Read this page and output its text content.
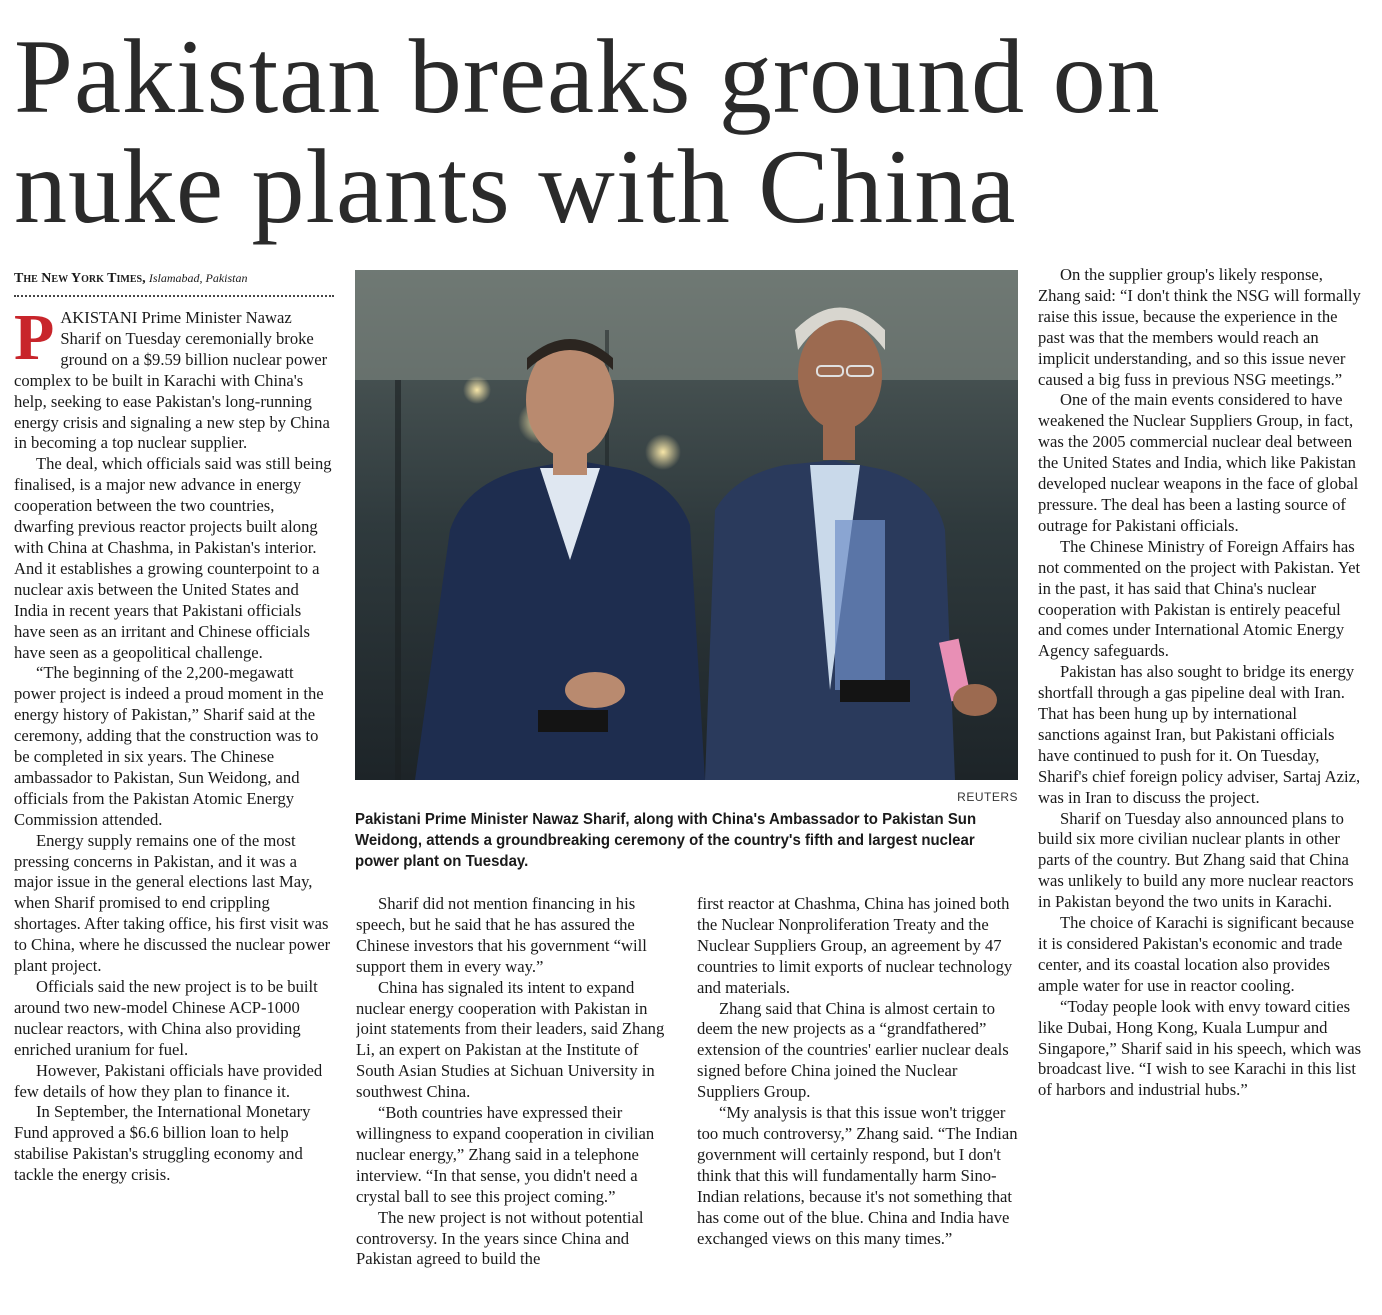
Pakistan breaks ground on nuke plants with China
The New York Times, Islamabad, Pakistan

PAKISTANI Prime Minister Nawaz Sharif on Tuesday ceremonially broke ground on a $9.59 billion nuclear power complex to be built in Karachi with China's help, seeking to ease Pakistan's long-running energy crisis and signaling a new step by China in becoming a top nuclear supplier.

The deal, which officials said was still being finalised, is a major new advance in energy cooperation between the two countries, dwarfing previous reactor projects built along with China at Chashma, in Pakistan's interior. And it establishes a growing counterpoint to a nuclear axis between the United States and India in recent years that Pakistani officials have seen as an irritant and Chinese officials have seen as a geopolitical challenge.

“The beginning of the 2,200-megawatt power project is indeed a proud moment in the energy history of Pakistan,” Sharif said at the ceremony, adding that the construction was to be completed in six years. The Chinese ambassador to Pakistan, Sun Weidong, and officials from the Pakistan Atomic Energy Commission attended.

Energy supply remains one of the most pressing concerns in Pakistan, and it was a major issue in the general elections last May, when Sharif promised to end crippling shortages. After taking office, his first visit was to China, where he discussed the nuclear power plant project.

Officials said the new project is to be built around two new-model Chinese ACP-1000 nuclear reactors, with China also providing enriched uranium for fuel.

However, Pakistani officials have provided few details of how they plan to finance it.

In September, the International Monetary Fund approved a $6.6 billion loan to help stabilise Pakistan's struggling economy and tackle the energy crisis.

REUTERS
Pakistani Prime Minister Nawaz Sharif, along with China's Ambassador to Pakistan Sun Weidong, attends a groundbreaking ceremony of the country's fifth and largest nuclear power plant on Tuesday.

Sharif did not mention financing in his speech, but he said that he has assured the Chinese investors that his government “will support them in every way.”

China has signaled its intent to expand nuclear energy cooperation with Pakistan in joint statements from their leaders, said Zhang Li, an expert on Pakistan at the Institute of South Asian Studies at Sichuan University in southwest China.

“Both countries have expressed their willingness to expand cooperation in civilian nuclear energy,” Zhang said in a telephone interview. “In that sense, you didn't need a crystal ball to see this project coming.”

The new project is not without potential controversy. In the years since China and Pakistan agreed to build the

first reactor at Chashma, China has joined both the Nuclear Nonproliferation Treaty and the Nuclear Suppliers Group, an agreement by 47 countries to limit exports of nuclear technology and materials.

Zhang said that China is almost certain to deem the new projects as a “grandfathered” extension of the countries' earlier nuclear deals signed before China joined the Nuclear Suppliers Group.

“My analysis is that this issue won't trigger too much controversy,” Zhang said. “The Indian government will certainly respond, but I don't think that this will fundamentally harm Sino-Indian relations, because it's not something that has come out of the blue. China and India have exchanged views on this many times.”

On the supplier group's likely response, Zhang said: “I don't think the NSG will formally raise this issue, because the experience in the past was that the members would reach an implicit understanding, and so this issue never caused a big fuss in previous NSG meetings.”

One of the main events considered to have weakened the Nuclear Suppliers Group, in fact, was the 2005 commercial nuclear deal between the United States and India, which like Pakistan developed nuclear weapons in the face of global pressure. The deal has been a lasting source of outrage for Pakistani officials.

The Chinese Ministry of Foreign Affairs has not commented on the project with Pakistan. Yet in the past, it has said that China's nuclear cooperation with Pakistan is entirely peaceful and comes under International Atomic Energy Agency safeguards.

Pakistan has also sought to bridge its energy shortfall through a gas pipeline deal with Iran. That has been hung up by international sanctions against Iran, but Pakistani officials have continued to push for it. On Tuesday, Sharif's chief foreign policy adviser, Sartaj Aziz, was in Iran to discuss the project.

Sharif on Tuesday also announced plans to build six more civilian nuclear plants in other parts of the country. But Zhang said that China was unlikely to build any more nuclear reactors in Pakistan beyond the two units in Karachi.

The choice of Karachi is significant because it is considered Pakistan's economic and trade center, and its coastal location also provides ample water for use in reactor cooling.

“Today people look with envy toward cities like Dubai, Hong Kong, Kuala Lumpur and Singapore,” Sharif said in his speech, which was broadcast live. “I wish to see Karachi in this list of harbors and industrial hubs.”
